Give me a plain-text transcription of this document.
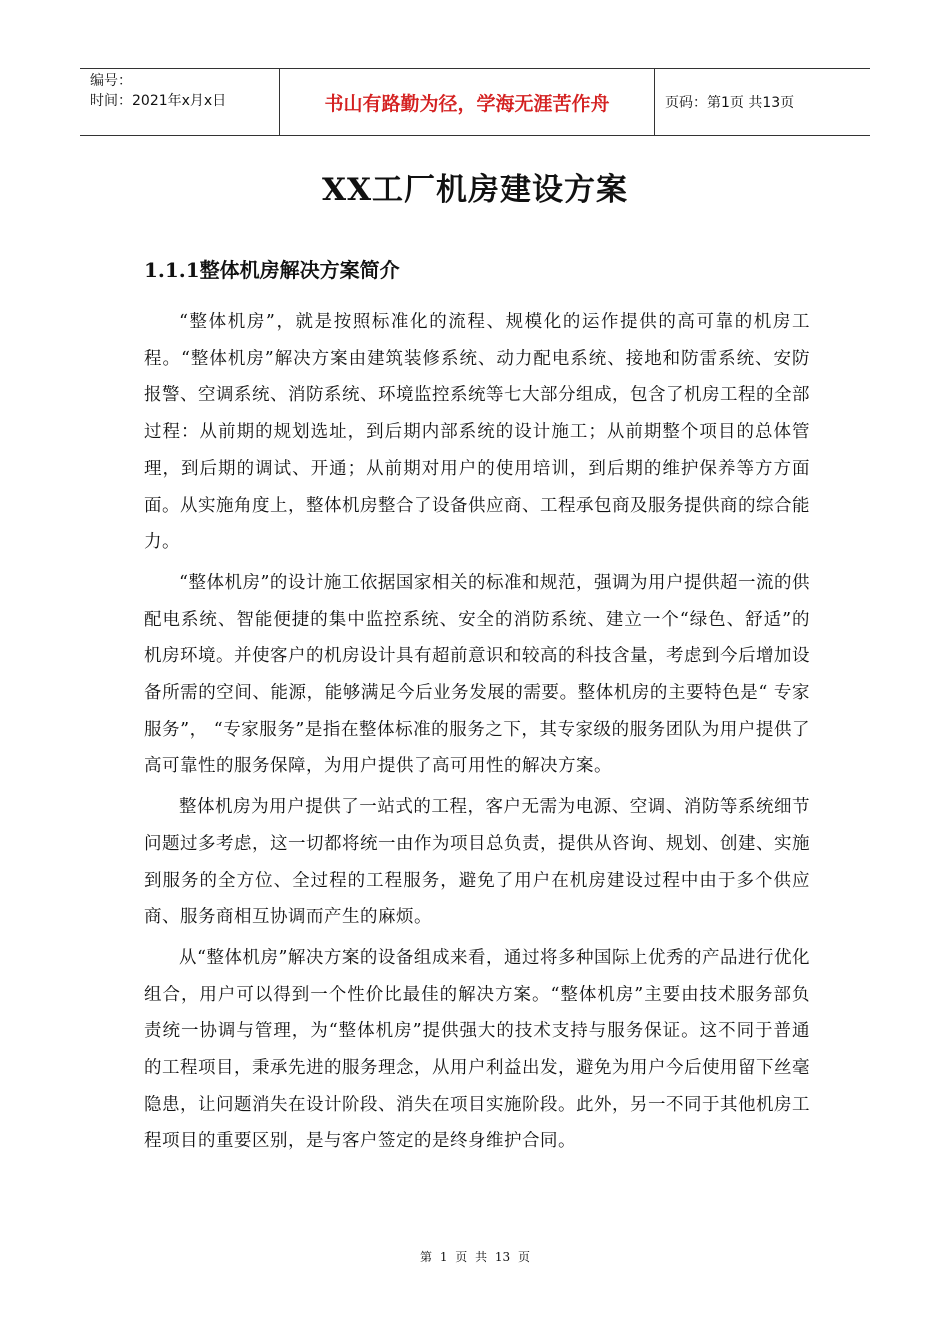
编号：
时间：2021年x月x日	书山有路勤为径，学海无涯苦作舟	页码：第1页 共13页
XX工厂机房建设方案
1.1.1整体机房解决方案简介

“整体机房”，就是按照标准化的流程、规模化的运作提供的高可靠的机房工程。“整体机房”解决方案由建筑装修系统、动力配电系统、接地和防雷系统、安防报警、空调系统、消防系统、环境监控系统等七大部分组成，包含了机房工程的全部过程：从前期的规划选址，到后期内部系统的设计施工；从前期整个项目的总体管理，到后期的调试、开通；从前期对用户的使用培训，到后期的维护保养等方方面面。从实施角度上，整体机房整合了设备供应商、工程承包商及服务提供商的综合能力。

“整体机房”的设计施工依据国家相关的标准和规范，强调为用户提供超一流的供配电系统、智能便捷的集中监控系统、安全的消防系统、建立一个“绿色、舒适”的机房环境。并使客户的机房设计具有超前意识和较高的科技含量，考虑到今后增加设备所需的空间、能源，能够满足今后业务发展的需要。整体机房的主要特色是“ 专家服务”， “专家服务”是指在整体标准的服务之下，其专家级的服务团队为用户提供了高可靠性的服务保障，为用户提供了高可用性的解决方案。

整体机房为用户提供了一站式的工程，客户无需为电源、空调、消防等系统细节问题过多考虑，这一切都将统一由作为项目总负责，提供从咨询、规划、创建、实施到服务的全方位、全过程的工程服务，避免了用户在机房建设过程中由于多个供应商、服务商相互协调而产生的麻烦。

从“整体机房”解决方案的设备组成来看，通过将多种国际上优秀的产品进行优化组合，用户可以得到一个性价比最佳的解决方案。“整体机房”主要由技术服务部负责统一协调与管理，为“整体机房”提供强大的技术支持与服务保证。这不同于普通的工程项目，秉承先进的服务理念，从用户利益出发，避免为用户今后使用留下丝毫隐患，让问题消失在设计阶段、消失在项目实施阶段。此外，另一不同于其他机房工程项目的重要区别，是与客户签定的是终身维护合同。

第 1 页 共 13 页
